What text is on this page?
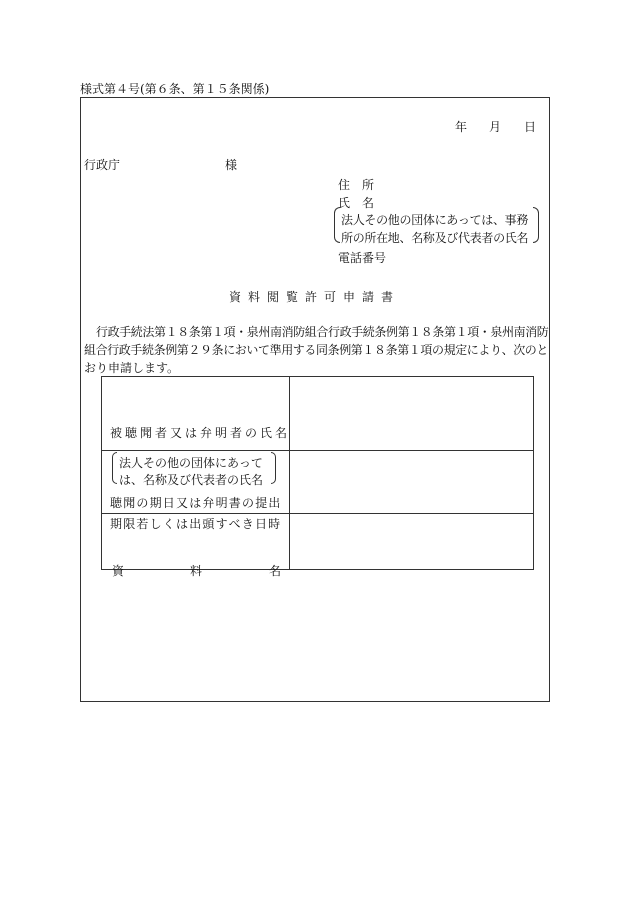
様式第４号(第６条、第１５条関係)
年 月 日
行政庁	様
住　所
氏　名
法人その他の団体にあっては、事務
所の所在地、名称及び代表者の氏名
電話番号
資料閲覧許可申請書
行政手続法第１８条第１項・泉州南消防組合行政手続条例第１８条第１項・泉州南消防
組合行政手続条例第２９条において準用する同条例第１８条第１項の規定により、次のと
おり申請します。
被聴聞者又は弁明者の氏名
法人その他の団体にあって
は、名称及び代表者の氏名	

聴聞の期日又は弁明書の提出
期限若しくは出頭すべき日時	

資 料 名	
